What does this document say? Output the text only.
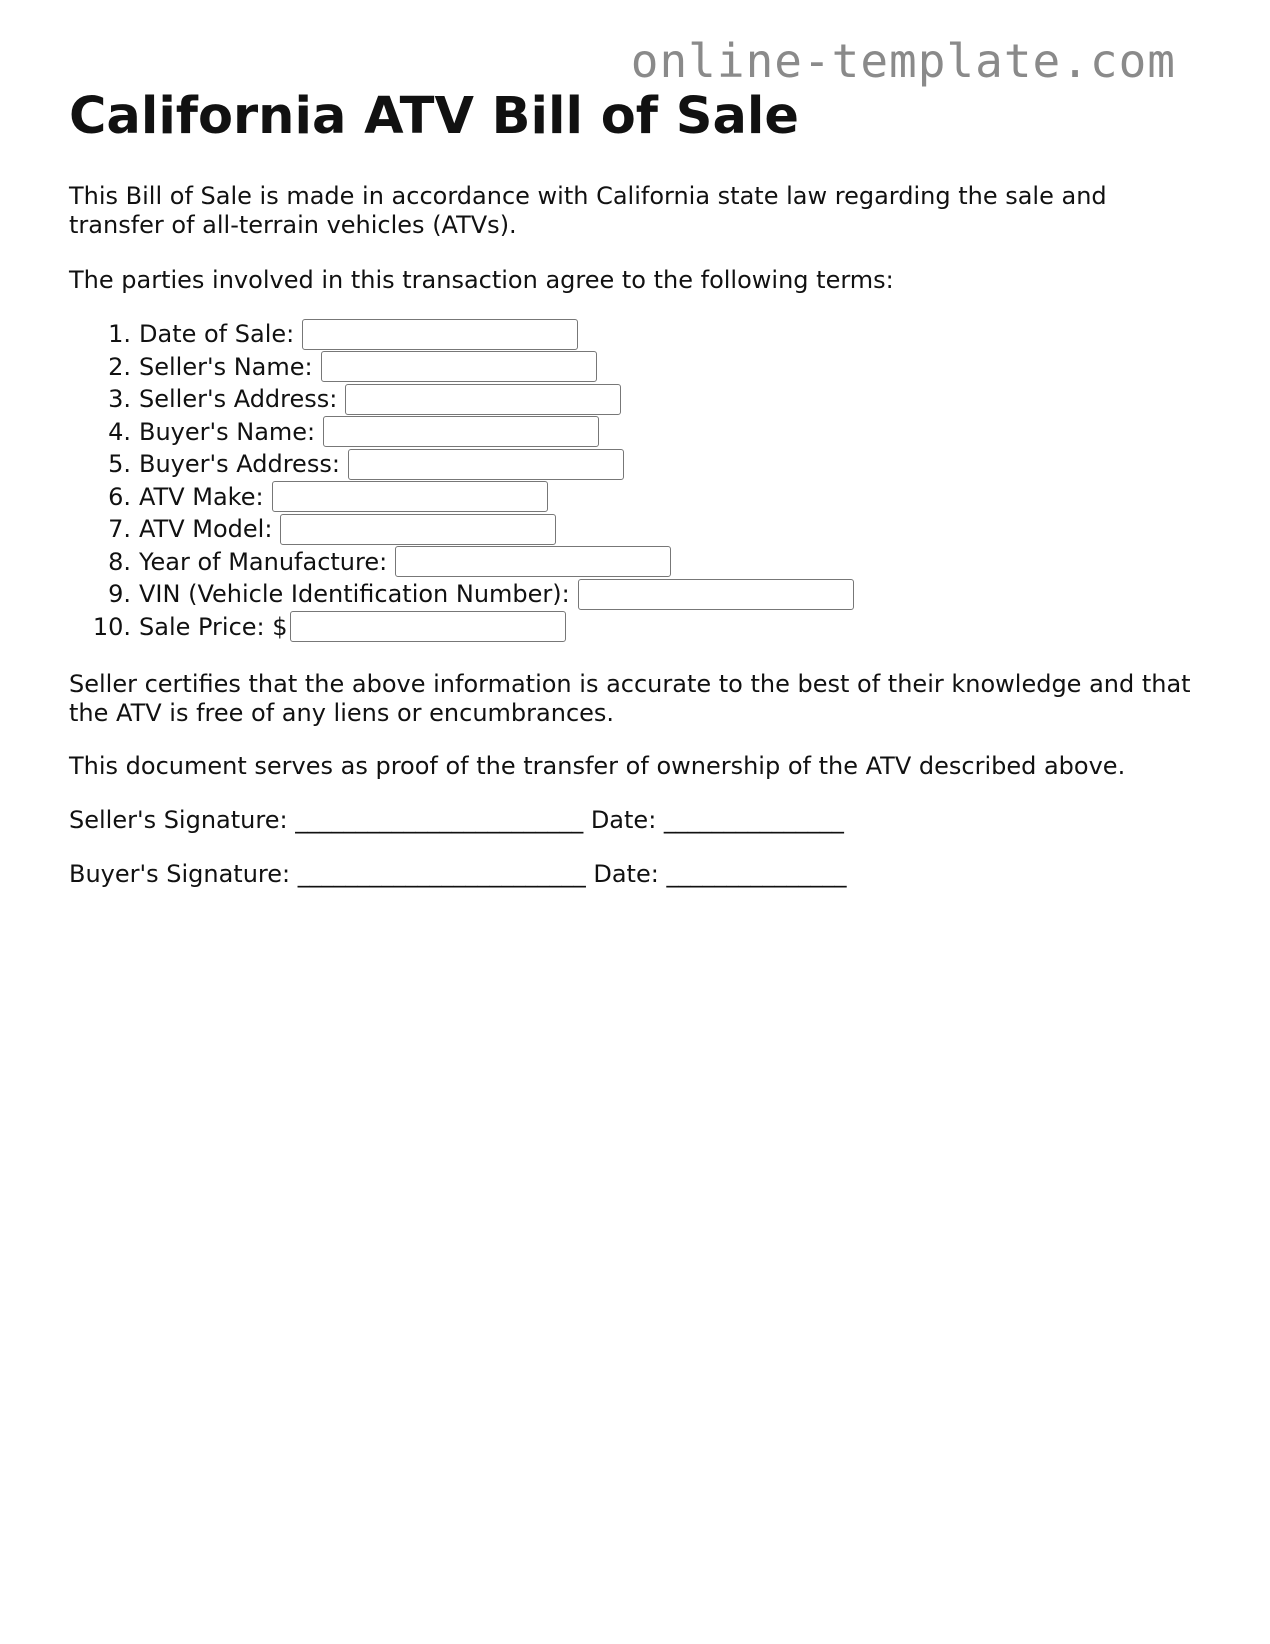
online-template.com
California ATV Bill of Sale

This Bill of Sale is made in accordance with California state law regarding the sale and transfer of all-terrain vehicles (ATVs).

The parties involved in this transaction agree to the following terms:

1. Date of Sale:
2. Seller's Name:
3. Seller's Address:
4. Buyer's Name:
5. Buyer's Address:
6. ATV Make:
7. ATV Model:
8. Year of Manufacture:
9. VIN (Vehicle Identification Number):
10. Sale Price: $

Seller certifies that the above information is accurate to the best of their knowledge and that the ATV is free of any liens or encumbrances.

This document serves as proof of the transfer of ownership of the ATV described above.

Seller's Signature: ________________________ Date: _______________

Buyer's Signature: ________________________ Date: _______________
